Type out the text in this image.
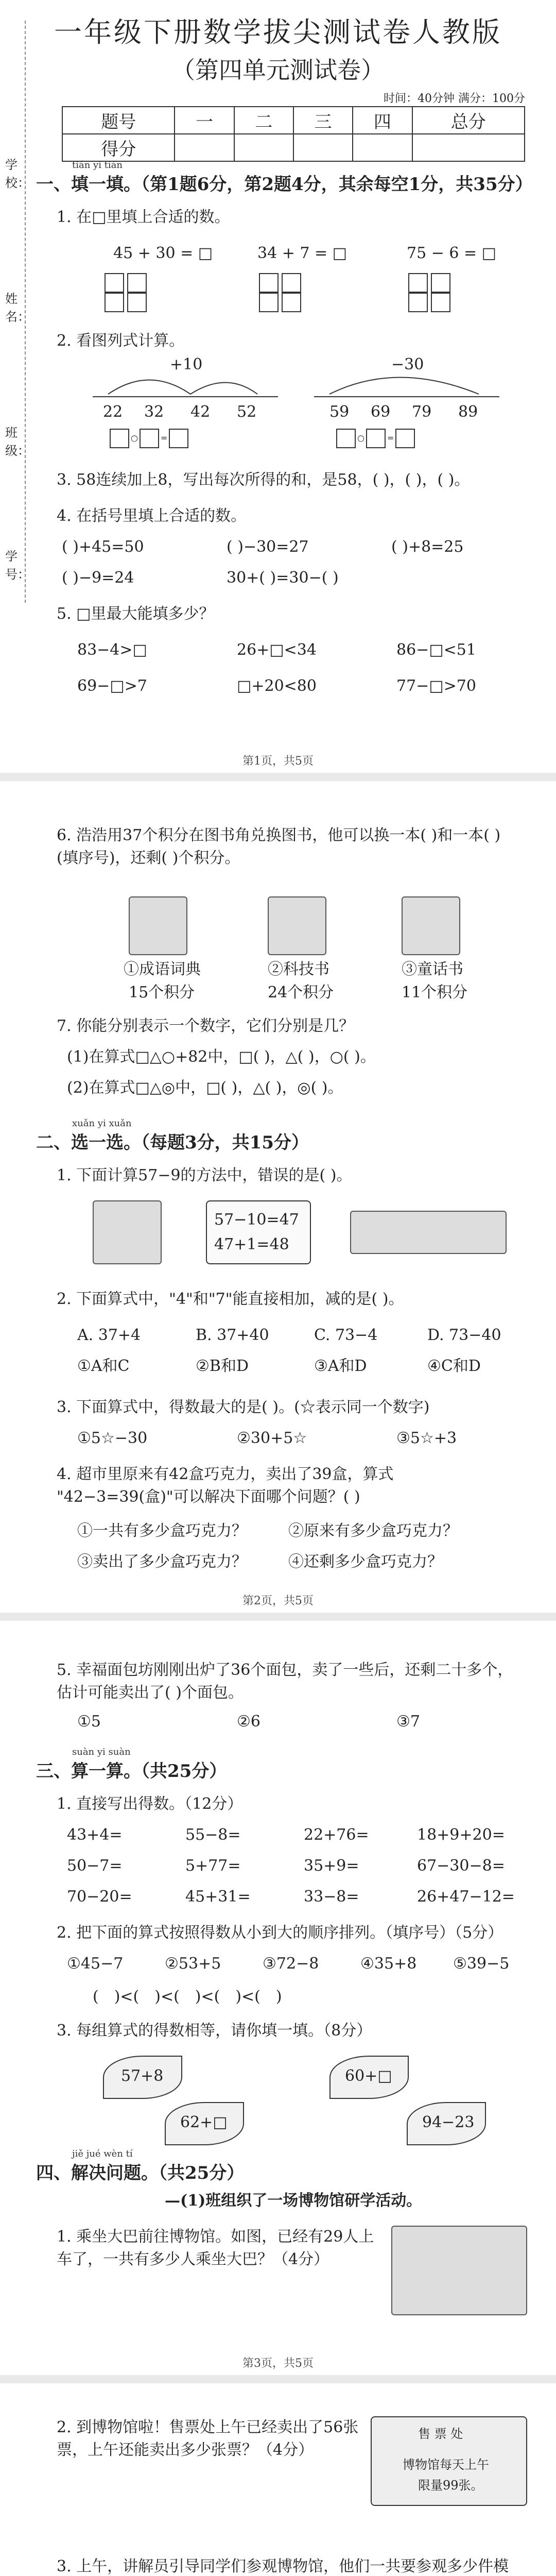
学校：
姓名：
班级：
学号：
一年级下册数学拔尖测试卷人教版
（第四单元测试卷）
时间：40分钟 满分：100分
题号	一	二	三	四	总分
得分					
tián yi tián
一、填一填。（第1题6分，第2题4分，其余每空1分，共35分）
1. 在□里填上合适的数。
45 + 30 = □	34 + 7 = □	75 − 6 = □

2. 看图列式计算。
+10
22 32 42 52
−30
59 69 79 89
○	=	○	=
3. 58连续加上8，写出每次所得的和，是58，( )，( )，( )。
4. 在括号里填上合适的数。
( )+45=50	( )−30=27	( )+8=25
( )−9=24	30+( )=30−( )
5. □里最大能填多少？
83−4>□	26+□<34	86−□<51
69−□>7	□+20<80	77−□>70
第1页，共5页
6. 浩浩用37个积分在图书角兑换图书，他可以换一本( )和一本( )(填序号)，还剩( )个积分。
①成语词典	②科技书	③童话书
15个积分	24个积分	11个积分
7. 你能分别表示一个数字，它们分别是几？
(1)在算式□△○+82中，□( )，△( )，○( )。
(2)在算式□△◎中，□( )，△( )，◎( )。
xuǎn yi xuǎn
二、选一选。（每题3分，共15分）
1. 下面计算57−9的方法中，错误的是( )。
57−10=47
47+1=48
2. 下面算式中，"4"和"7"能直接相加，减的是( )。
A. 37+4	B. 37+40	C. 73−4	D. 73−40
①A和C	②B和D	③A和D	④C和D
3. 下面算式中，得数最大的是( )。(☆表示同一个数字)
①5☆−30	②30+5☆	③5☆+3
4. 超市里原来有42盒巧克力，卖出了39盒，算式 "42−3=39(盒)"可以解决下面哪个问题？( )
①一共有多少盒巧克力？	②原来有多少盒巧克力？
③卖出了多少盒巧克力？	④还剩多少盒巧克力？
第2页，共5页
5. 幸福面包坊刚刚出炉了36个面包，卖了一些后，还剩二十多个，估计可能卖出了( )个面包。
①5	②6	③7
suàn yi suàn
三、算一算。（共25分）
1. 直接写出得数。（12分）
43+4=	55−8=	22+76=	18+9+20=
50−7=	5+77=	35+9=	67−30−8=
70−20=	45+31=	33−8=	26+47−12=
2. 把下面的算式按照得数从小到大的顺序排列。（填序号）（5分）
①45−7	②53+5	③72−8	④35+8 ⑤39−5
(　)<(　)<(　)<(　)<(　)
3. 每组算式的得数相等，请你填一填。（8分）
57+8
62+□
60+□
94−23
jiě jué wèn tí
四、解决问题。（共25分）
—(1)班组织了一场博物馆研学活动。
1. 乘坐大巴前往博物馆。如图，已经有29人上车了，一共有多少人乘坐大巴？（4分）
第3页，共5页
2. 到博物馆啦！售票处上午已经卖出了56张票，上午还能卖出多少张票？（4分）
售 票 处
博物馆每天上午
限量99张。
3. 上午，讲解员引导同学们参观博物馆，他们一共要参观多少件模
